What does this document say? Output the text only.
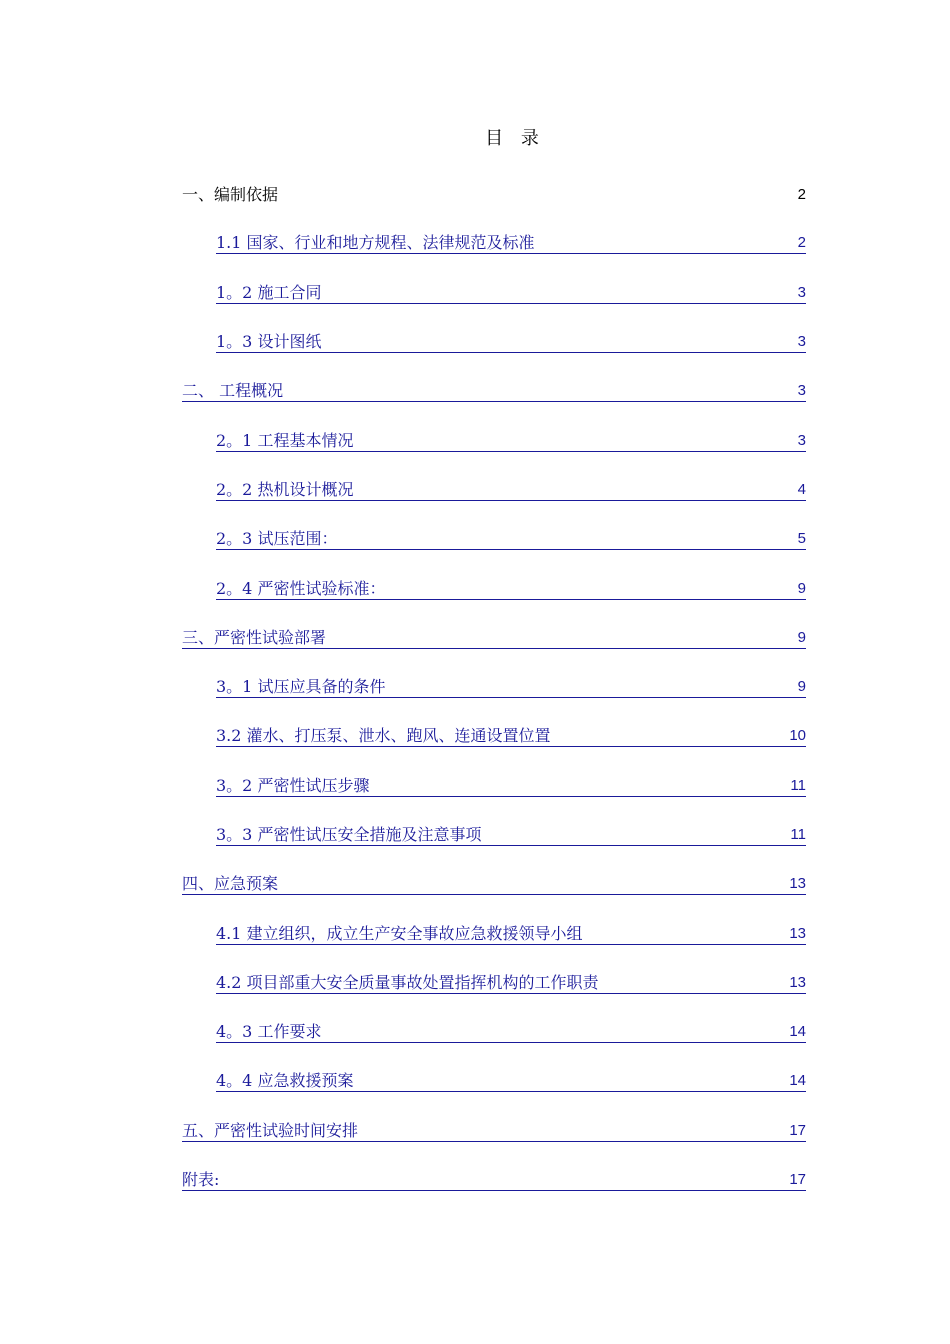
目 录
一、编制依据	2
1.1 国家、行业和地方规程、法律规范及标准	2
1。2 施工合同	3
1。3 设计图纸	3
二、 工程概况	3
2。1 工程基本情况	3
2。2 热机设计概况	4
2。3 试压范围：	5
2。4 严密性试验标准：	9
三、严密性试验部署	9
3。1 试压应具备的条件	9
3.2 灌水、打压泵、泄水、跑风、连通设置位置	10
3。2 严密性试压步骤	11
3。3 严密性试压安全措施及注意事项	11
四、应急预案	13
4.1 建立组织，成立生产安全事故应急救援领导小组	13
4.2 项目部重大安全质量事故处置指挥机构的工作职责	13
4。3 工作要求	14
4。4 应急救援预案	14
五、严密性试验时间安排	17
附表:	17
